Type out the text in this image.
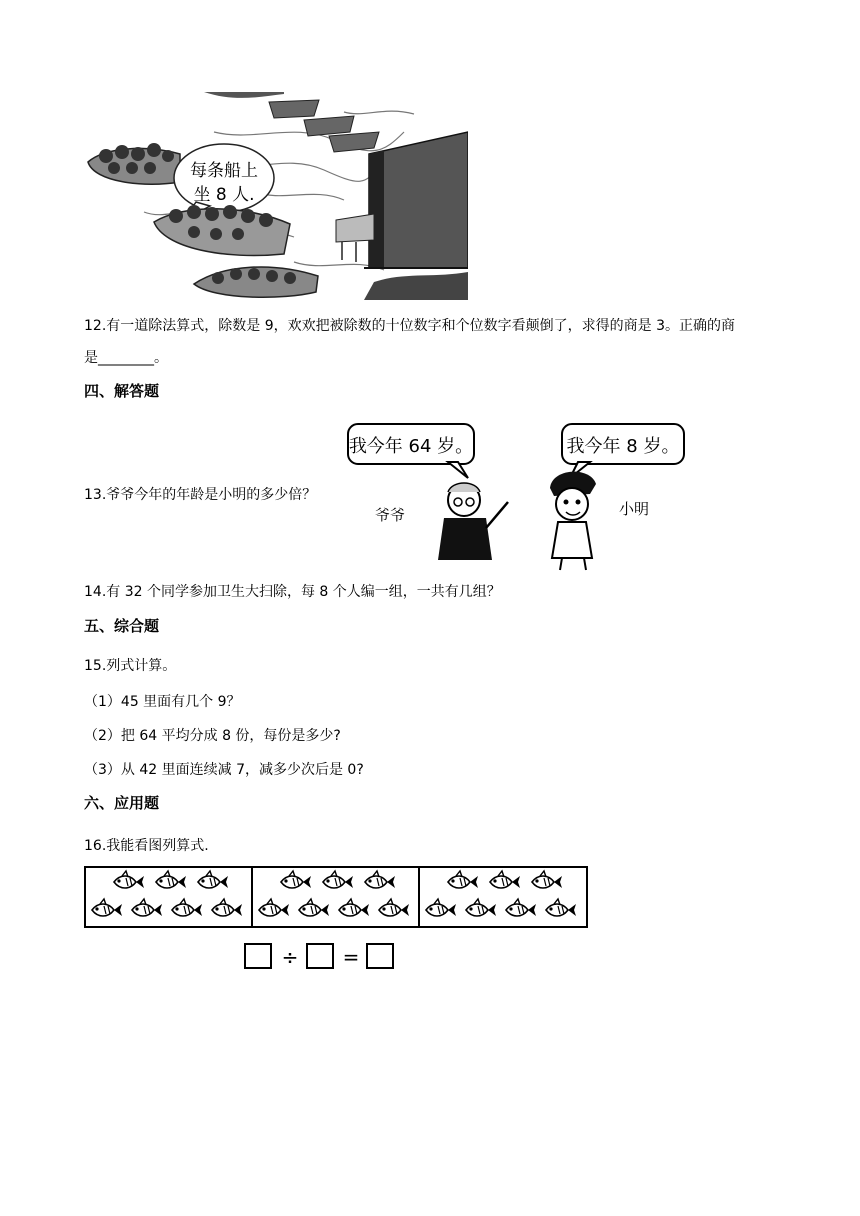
每条船上
坐 8 人.
12.有一道除法算式，除数是 9，欢欢把被除数的十位数字和个位数字看颠倒了，求得的商是 3。正确的商
是________。
四、解答题
13.爷爷今年的年龄是小明的多少倍？
我今年 64 岁。
爷爷
我今年 8 岁。
小明
14.有 32 个同学参加卫生大扫除，每 8 个人编一组，一共有几组？
五、综合题
15.列式计算。
（1）45 里面有几个 9？
（2）把 64 平均分成 8 份，每份是多少?
（3）从 42 里面连续减 7，减多少次后是 0?
六、应用题
16.我能看图列算式.
÷ =
